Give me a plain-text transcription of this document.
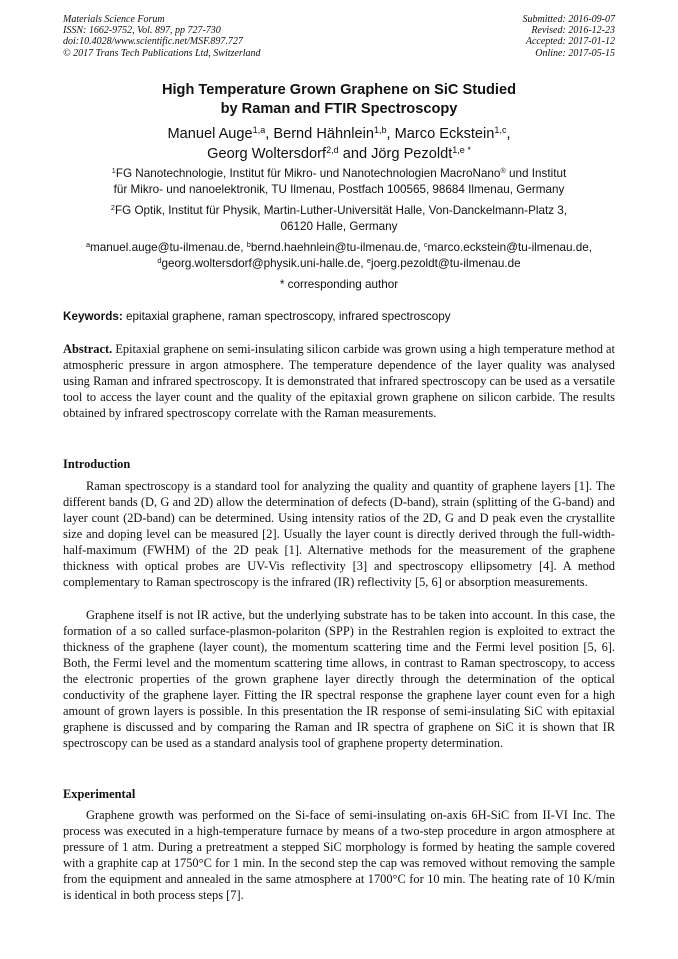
Materials Science Forum
ISSN: 1662-9752, Vol. 897, pp 727-730
doi:10.4028/www.scientific.net/MSF.897.727
© 2017 Trans Tech Publications Ltd, Switzerland
Submitted: 2016-09-07
Revised: 2016-12-23
Accepted: 2017-01-12
Online: 2017-05-15
High Temperature Grown Graphene on SiC Studied
by Raman and FTIR Spectroscopy
Manuel Auge$^{1,a}$, Bernd Hähnlein$^{1,b}$, Marco Eckstein$^{1,c}$,
Georg Woltersdorf$^{2,d}$ and Jörg Pezoldt$^{1,e *}$
$^1$FG Nanotechnologie, Institut für Mikro- und Nanotechnologien MacroNano® und Institut
für Mikro- und nanoelektronik, TU Ilmenau, Postfach 100565, 98684 Ilmenau, Germany
$^2$FG Optik, Institut für Physik, Martin-Luther-Universität Halle, Von-Danckelmann-Platz 3,
06120 Halle, Germany
$^a$manuel.auge@tu-ilmenau.de, $^b$bernd.haehnlein@tu-ilmenau.de, $^c$marco.eckstein@tu-ilmenau.de,
$^d$georg.woltersdorf@physik.uni-halle.de, $^e$joerg.pezoldt@tu-ilmenau.de
* corresponding author
Keywords: epitaxial graphene, raman spectroscopy, infrared spectroscopy
Abstract. Epitaxial graphene on semi-insulating silicon carbide was grown using a high temperature method at atmospheric pressure in argon atmosphere. The temperature dependence of the layer quality was analysed using Raman and infrared spectroscopy. It is demonstrated that infrared spectroscopy can be used as a versatile tool to access the layer count and the quality of the epitaxial grown graphene on silicon carbide. The results obtained by infrared spectroscopy correlate with the Raman measurements.
Introduction
Raman spectroscopy is a standard tool for analyzing the quality and quantity of graphene layers [1]. The different bands (D, G and 2D) allow the determination of defects (D-band), strain (splitting of the G-band) and layer count (2D-band) can be determined. Using intensity ratios of the 2D, G and D peak even the crystallite size and doping level can be measured [2]. Usually the layer count is directly derived through the full-width-half-maximum (FWHM) of the 2D peak [1]. Alternative methods for the measurement of the graphene thickness with optical probes are UV-Vis reflectivity [3] and spectroscopy ellipsometry [4]. A method complementary to Raman spectroscopy is the infrared (IR) reflectivity [5, 6] or absorption measurements.
Graphene itself is not IR active, but the underlying substrate has to be taken into account. In this case, the formation of a so called surface-plasmon-polariton (SPP) in the Restrahlen region is exploited to extract the thickness of the graphene (layer count), the momentum scattering time and the Fermi level position [5, 6]. Both, the Fermi level and the momentum scattering time allows, in contrast to Raman spectroscopy, to access the electronic properties of the grown graphene layer directly through the determination of the optical conductivity of the graphene layer. Fitting the IR spectral response the graphene layer count even for a high amount of grown layers is possible. In this presentation the IR response of semi-insulating SiC with epitaxial graphene is discussed and by comparing the Raman and IR spectra of graphene on SiC it is shown that IR spectroscopy can be used as a standard analysis tool of graphene property determination.
Experimental
Graphene growth was performed on the Si-face of semi-insulating on-axis 6H-SiC from II-VI Inc. The process was executed in a high-temperature furnace by means of a two-step procedure in argon atmosphere at pressure of 1 atm. During a pretreatment a stepped SiC morphology is formed by heating the sample covered with a graphite cap at 1750°C for 1 min. In the second step the cap was removed without removing the sample from the equipment and annealed in the same atmosphere at 1700°C for 10 min. The heating rate of 10 K/min is identical in both process steps [7].
